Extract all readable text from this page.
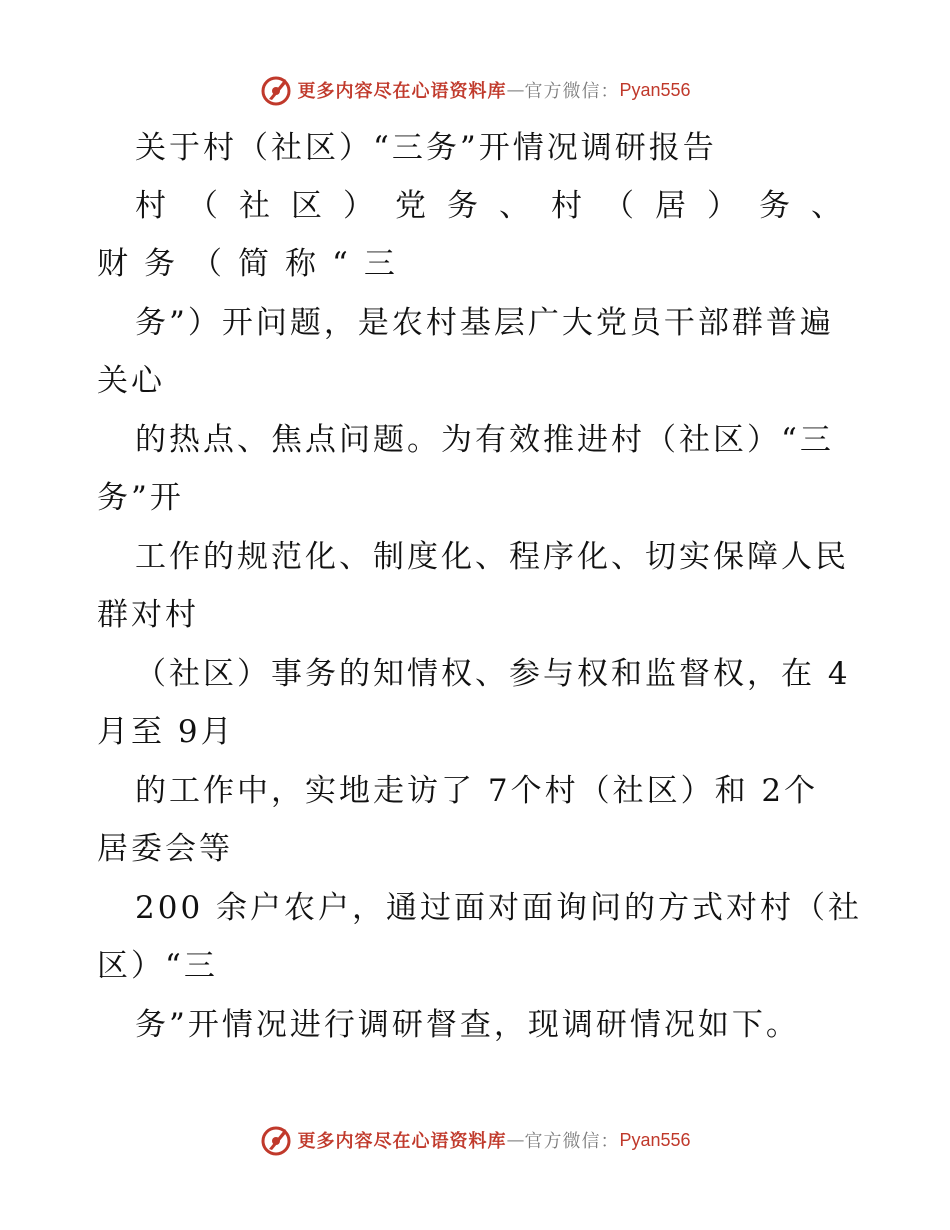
更多内容尽在心语资料库 — 官方微信： Pyan556
关于村（社区）“三务”开情况调研报告
村（社区）党务、村（居）务、
财务（简称“三
务”）开问题，是农村基层广大党员干部群普遍
关心
的热点、焦点问题。为有效推进村（社区）“三
务”开
工作的规范化、制度化、程序化、切实保障人民
群对村
（社区）事务的知情权、参与权和监督权，在 4
月至 9月
的工作中，实地走访了 7个村（社区）和 2个
居委会等
200 余户农户，通过面对面询问的方式对村（社
区）“三
务”开情况进行调研督查，现调研情况如下。
更多内容尽在心语资料库 — 官方微信： Pyan556
